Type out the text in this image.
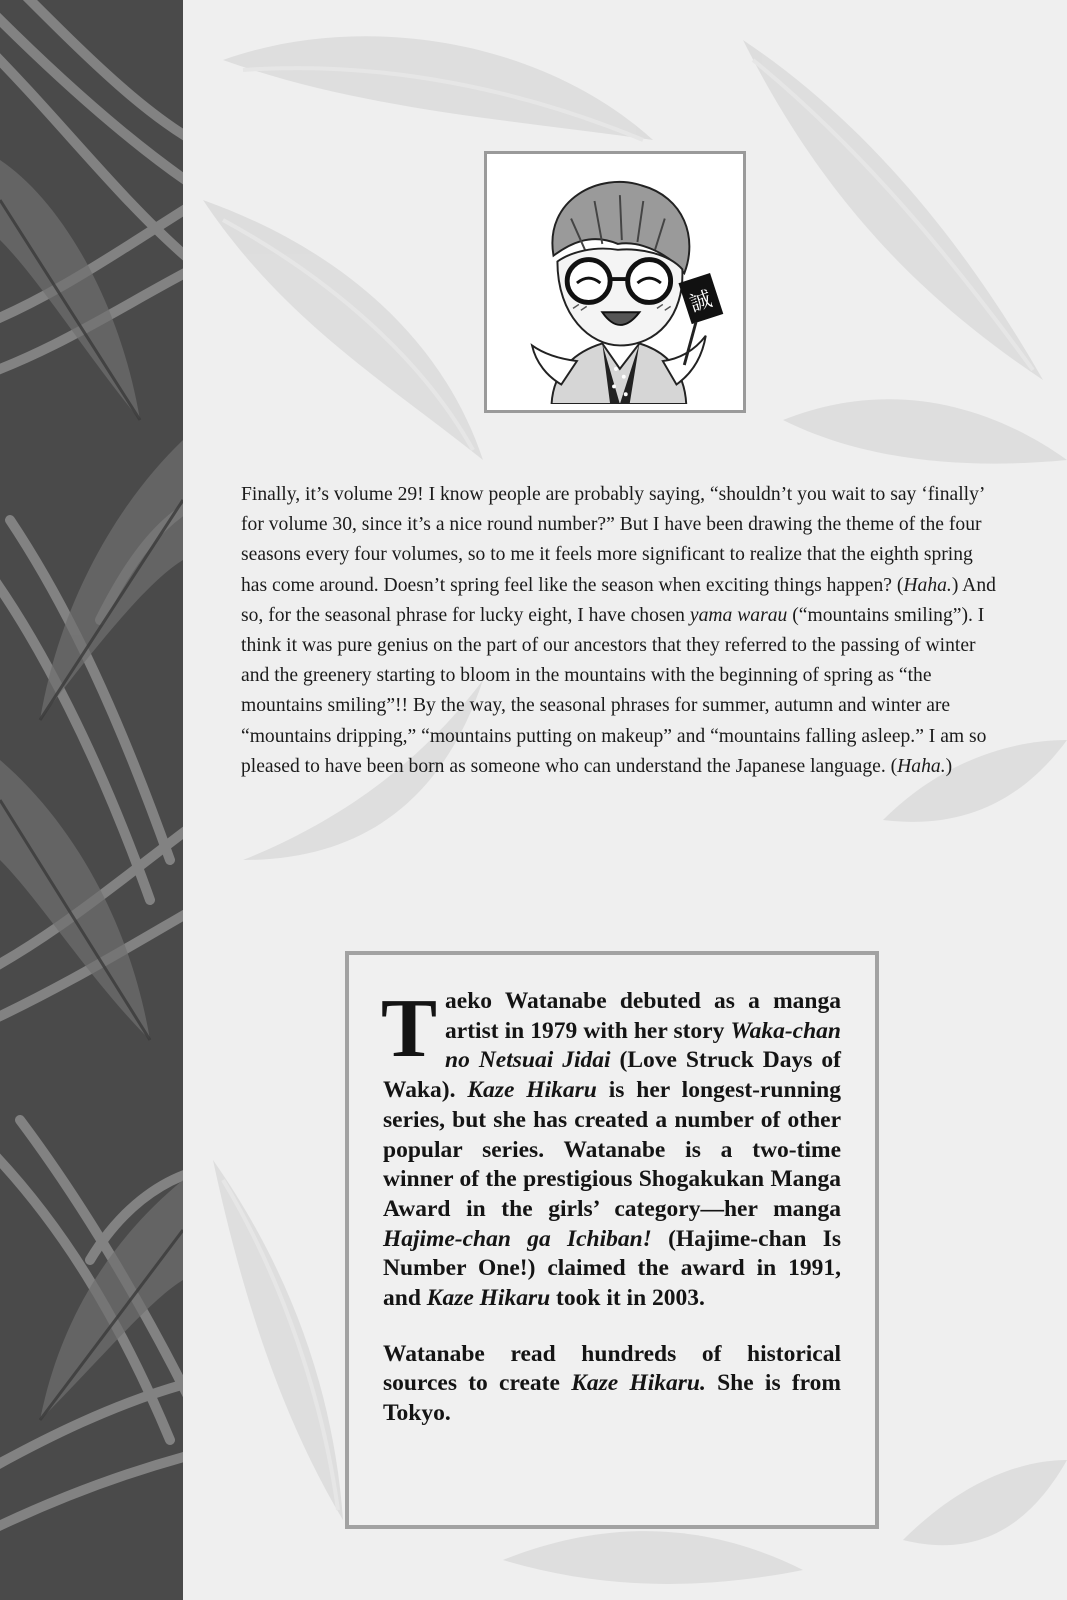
誠

Finally, it’s volume 29! I know people are probably saying, “shouldn’t you wait to say ‘finally’ for volume 30, since it’s a nice round number?” But I have been drawing the theme of the four seasons every four volumes, so to me it feels more significant to realize that the eighth spring has come around. Doesn’t spring feel like the season when exciting things happen? (Haha.) And so, for the seasonal phrase for lucky eight, I have chosen yama warau (“mountains smiling”). I think it was pure genius on the part of our ancestors that they referred to the passing of winter and the greenery starting to bloom in the mountains with the beginning of spring as “the mountains smiling”!! By the way, the seasonal phrases for summer, autumn and winter are “mountains dripping,” “mountains putting on makeup” and “mountains falling asleep.” I am so pleased to have been born as someone who can understand the Japanese language. (Haha.)

Taeko Watanabe debuted as a manga artist in 1979 with her story Waka-chan no Netsuai Jidai (Love Struck Days of Waka). Kaze Hikaru is her longest-running series, but she has created a number of other popular series. Watanabe is a two-time winner of the prestigious Shogakukan Manga Award in the girls’ category—her manga Hajime-chan ga Ichiban! (Hajime-chan Is Number One!) claimed the award in 1991, and Kaze Hikaru took it in 2003.

Watanabe read hundreds of historical sources to create Kaze Hikaru. She is from Tokyo.
